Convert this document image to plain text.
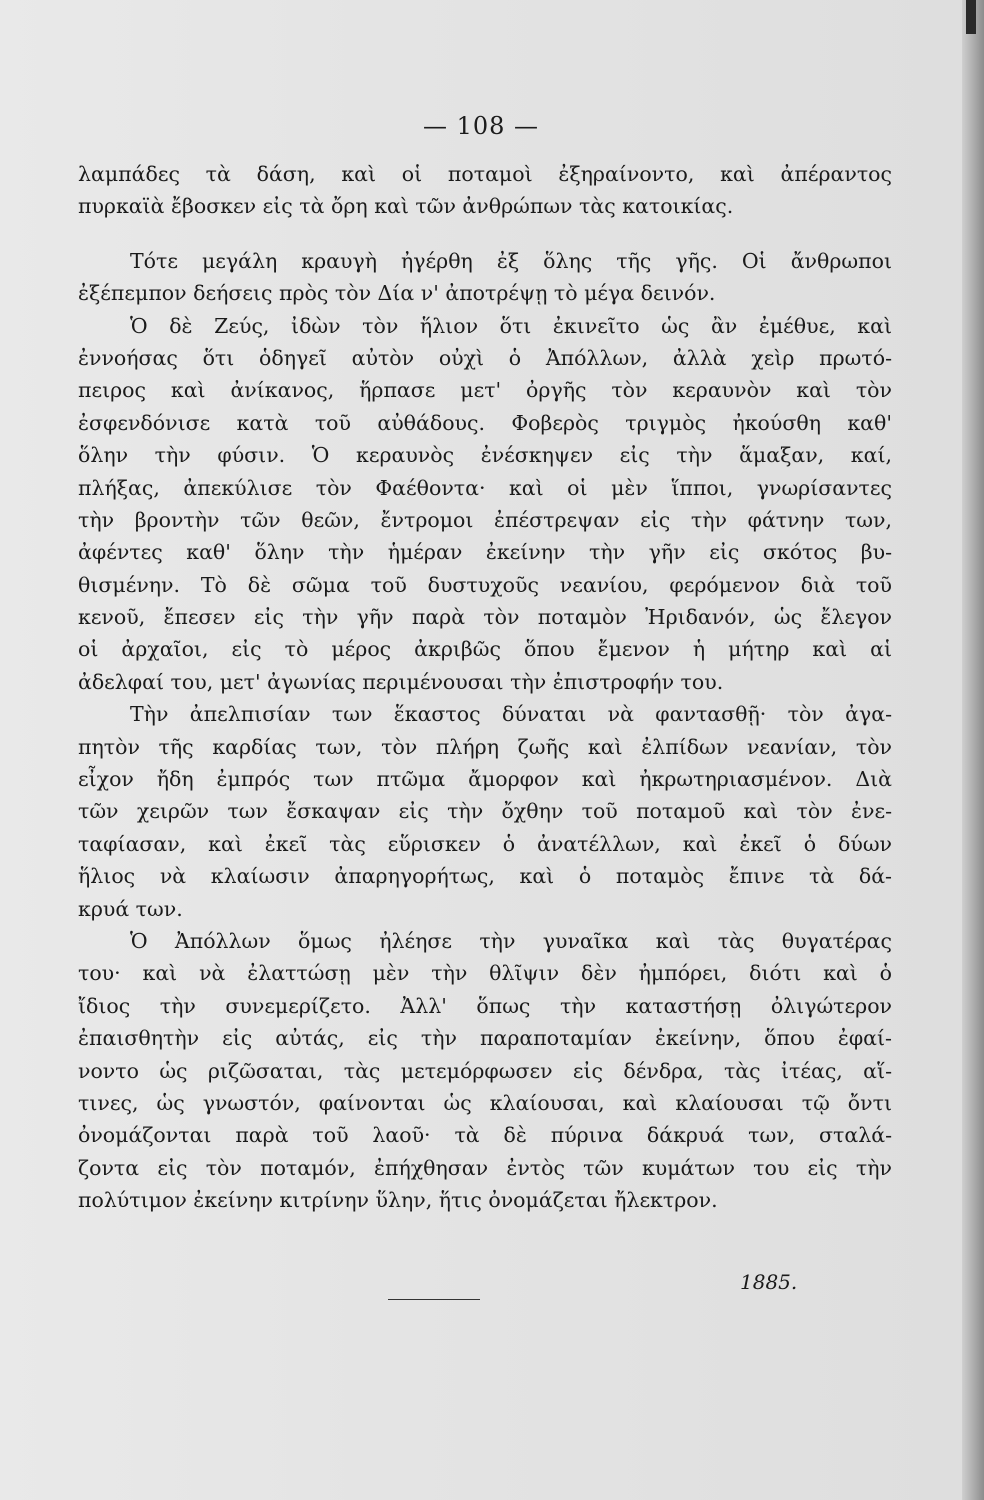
— 108 —
λαμπάδες τὰ δάση, καὶ οἱ ποταμοὶ ἐξηραίνοντο, καὶ ἀπέραντος
πυρκαϊὰ ἔβοσκεν εἰς τὰ ὄρη καὶ τῶν ἀνθρώπων τὰς κατοικίας.
Τότε μεγάλη κραυγὴ ἠγέρθη ἐξ ὅλης τῆς γῆς. Οἱ ἄνθρωποι
ἐξέπεμπον δεήσεις πρὸς τὸν Δία ν' ἀποτρέψῃ τὸ μέγα δεινόν.
Ὁ δὲ Ζεύς, ἰδὼν τὸν ἥλιον ὅτι ἐκινεῖτο ὡς ἂν ἐμέθυε, καὶ
ἐννοήσας ὅτι ὁδηγεῖ αὐτὸν οὐχὶ ὁ Ἀπόλλων, ἀλλὰ χεὶρ πρωτό-
πειρος καὶ ἀνίκανος, ἥρπασε μετ' ὀργῆς τὸν κεραυνὸν καὶ τὸν
ἐσφενδόνισε κατὰ τοῦ αὐθάδους. Φοβερὸς τριγμὸς ἠκούσθη καθ'
ὅλην τὴν φύσιν. Ὁ κεραυνὸς ἐνέσκηψεν εἰς τὴν ἅμαξαν, καί,
πλήξας, ἀπεκύλισε τὸν Φαέθοντα· καὶ οἱ μὲν ἵπποι, γνωρίσαντες
τὴν βροντὴν τῶν θεῶν, ἔντρομοι ἐπέστρεψαν εἰς τὴν φάτνην των,
ἀφέντες καθ' ὅλην τὴν ἡμέραν ἐκείνην τὴν γῆν εἰς σκότος βυ-
θισμένην. Τὸ δὲ σῶμα τοῦ δυστυχοῦς νεανίου, φερόμενον διὰ τοῦ
κενοῦ, ἔπεσεν εἰς τὴν γῆν παρὰ τὸν ποταμὸν Ἠριδανόν, ὡς ἔλεγον
οἱ ἀρχαῖοι, εἰς τὸ μέρος ἀκριβῶς ὅπου ἔμενον ἡ μήτηρ καὶ αἱ
ἀδελφαί του, μετ' ἀγωνίας περιμένουσαι τὴν ἐπιστροφήν του.
Τὴν ἀπελπισίαν των ἕκαστος δύναται νὰ φαντασθῇ· τὸν ἀγα-
πητὸν τῆς καρδίας των, τὸν πλήρη ζωῆς καὶ ἐλπίδων νεανίαν, τὸν
εἶχον ἤδη ἐμπρός των πτῶμα ἄμορφον καὶ ἠκρωτηριασμένον. Διὰ
τῶν χειρῶν των ἔσκαψαν εἰς τὴν ὄχθην τοῦ ποταμοῦ καὶ τὸν ἐνε-
ταφίασαν, καὶ ἐκεῖ τὰς εὕρισκεν ὁ ἀνατέλλων, καὶ ἐκεῖ ὁ δύων
ἥλιος νὰ κλαίωσιν ἀπαρηγορήτως, καὶ ὁ ποταμὸς ἔπινε τὰ δά-
κρυά των.
Ὁ Ἀπόλλων ὅμως ἠλέησε τὴν γυναῖκα καὶ τὰς θυγατέρας
του· καὶ νὰ ἐλαττώσῃ μὲν τὴν θλῖψιν δὲν ἠμπόρει, διότι καὶ ὁ
ἴδιος τὴν συνεμερίζετο. Ἀλλ' ὅπως τὴν καταστήσῃ ὀλιγώτερον
ἐπαισθητὴν εἰς αὐτάς, εἰς τὴν παραποταμίαν ἐκείνην, ὅπου ἐφαί-
νοντο ὡς ριζῶσαται, τὰς μετεμόρφωσεν εἰς δένδρα, τὰς ἰτέας, αἵ-
τινες, ὡς γνωστόν, φαίνονται ὡς κλαίουσαι, καὶ κλαίουσαι τῷ ὄντι
ὀνομάζονται παρὰ τοῦ λαοῦ· τὰ δὲ πύρινα δάκρυά των, σταλά-
ζοντα εἰς τὸν ποταμόν, ἐπήχθησαν ἐντὸς τῶν κυμάτων του εἰς τὴν
πολύτιμον ἐκείνην κιτρίνην ὕλην, ἥτις ὀνομάζεται ἤλεκτρον.
1885.
